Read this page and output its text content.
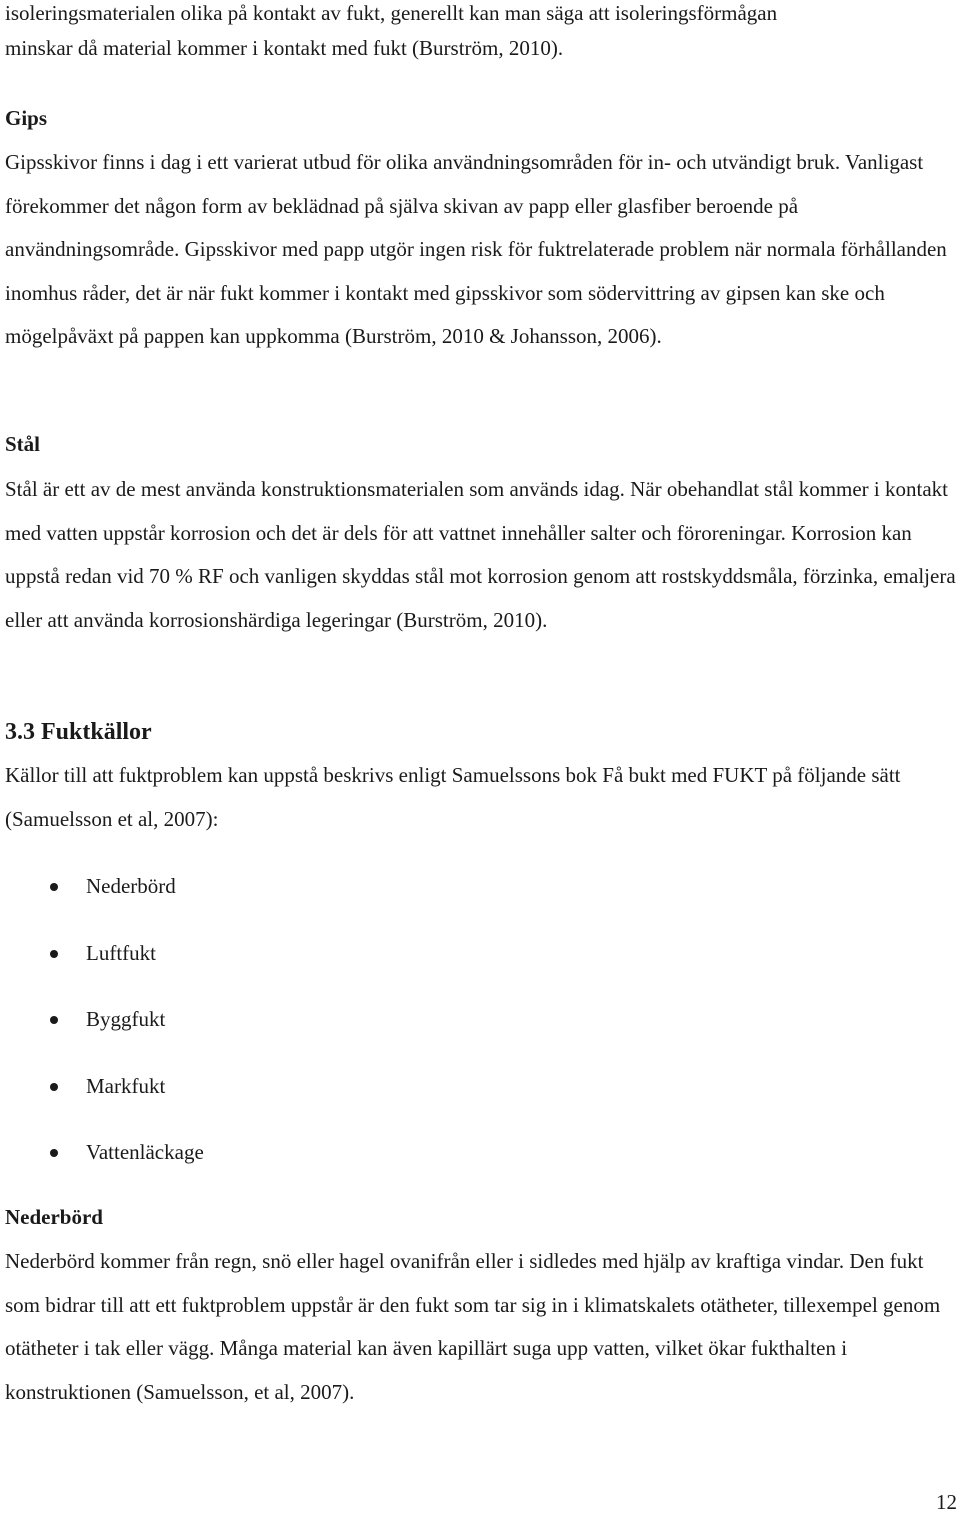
isoleringsmaterialen olika på kontakt av fukt, generellt kan man säga att isoleringsförmågan

minskar då material kommer i kontakt med fukt (Burström, 2010).

Gips

Gipsskivor finns i dag i ett varierat utbud för olika användningsområden för in- och utvändigt bruk. Vanligast förekommer det någon form av beklädnad på själva skivan av papp eller glasfiber beroende på användningsområde. Gipsskivor med papp utgör ingen risk för fuktrelaterade problem när normala förhållanden inomhus råder, det är när fukt kommer i kontakt med gipsskivor som södervittring av gipsen kan ske och mögelpåväxt på pappen kan uppkomma (Burström, 2010 & Johansson, 2006).

Stål

Stål är ett av de mest använda konstruktionsmaterialen som används idag. När obehandlat stål kommer i kontakt med vatten uppstår korrosion och det är dels för att vattnet innehåller salter och föroreningar. Korrosion kan uppstå redan vid 70 % RF och vanligen skyddas stål mot korrosion genom att rostskyddsmåla, förzinka, emaljera eller att använda korrosionshärdiga legeringar (Burström, 2010).

3.3 Fuktkällor

Källor till att fuktproblem kan uppstå beskrivs enligt Samuelssons bok Få bukt med FUKT på följande sätt (Samuelsson et al, 2007):

Nederbörd
Luftfukt
Byggfukt
Markfukt
Vattenläckage
Nederbörd

Nederbörd kommer från regn, snö eller hagel ovanifrån eller i sidledes med hjälp av kraftiga vindar. Den fukt som bidrar till att ett fuktproblem uppstår är den fukt som tar sig in i klimatskalets otätheter, tillexempel genom otätheter i tak eller vägg. Många material kan även kapillärt suga upp vatten, vilket ökar fukthalten i konstruktionen (Samuelsson, et al, 2007).

12
